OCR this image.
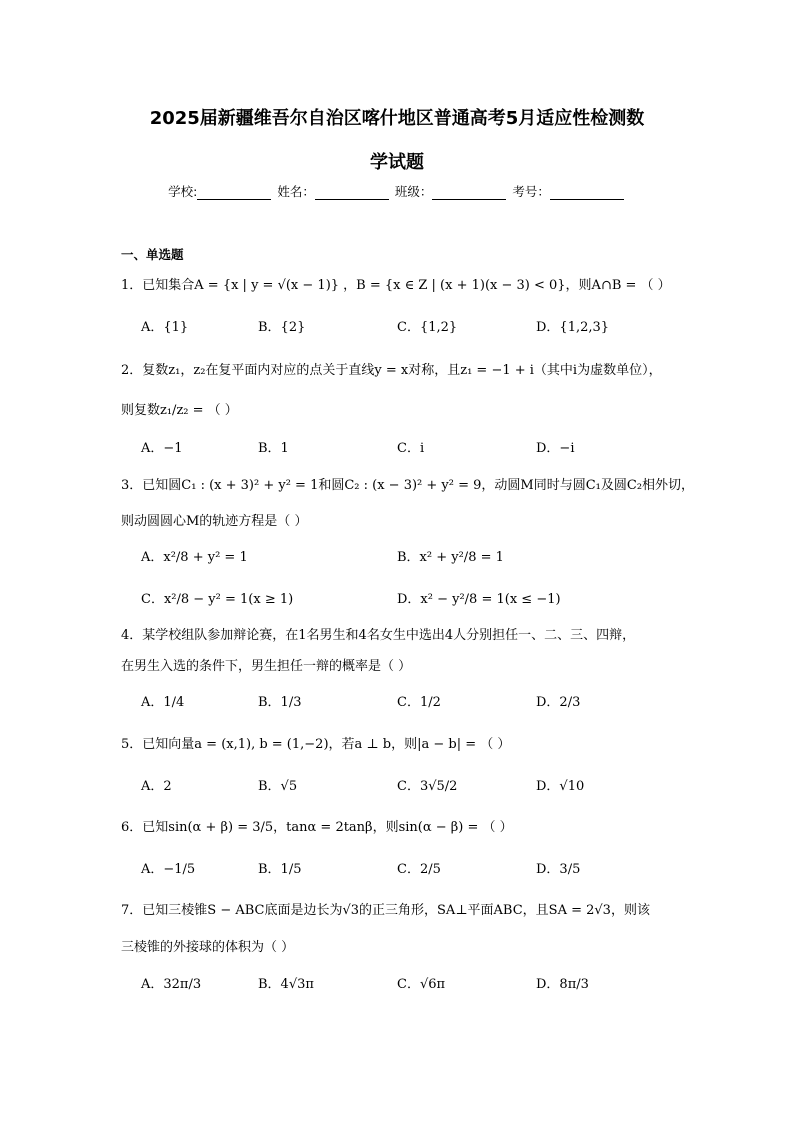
2025届新疆维吾尔自治区喀什地区普通高考5月适应性检测数
学试题
学校:	姓名：	班级：	考号：
一、单选题
1．已知集合A = {x | y = √(x − 1)} ，B = {x ∈ Z | (x + 1)(x − 3) < 0}，则A∩B = （ ）
A．{1}	B．{2}	C．{1,2}	D．{1,2,3}
2．复数z₁，z₂在复平面内对应的点关于直线y = x对称，且z₁ = −1 + i（其中i为虚数单位），
则复数z₁/z₂ = （ ）
A．−1	B．1	C．i	D．−i
3．已知圆C₁ : (x + 3)² + y² = 1和圆C₂ : (x − 3)² + y² = 9，动圆M同时与圆C₁及圆C₂相外切，
则动圆圆心M的轨迹方程是（ ）
A．x²/8 + y² = 1	B．x² + y²/8 = 1
C．x²/8 − y² = 1(x ≥ 1)	D．x² − y²/8 = 1(x ≤ −1)
4．某学校组队参加辩论赛，在1名男生和4名女生中选出4人分别担任一、二、三、四辩，
在男生入选的条件下，男生担任一辩的概率是（ ）
A．1/4	B．1/3	C．1/2	D．2/3
5．已知向量a = (x,1), b = (1,−2)，若a ⊥ b，则|a − b| = （ ）
A．2	B．√5	C．3√5/2	D．√10
6．已知sin(α + β) = 3/5，tanα = 2tanβ，则sin(α − β) = （ ）
A．−1/5	B．1/5	C．2/5	D．3/5
7．已知三棱锥S − ABC底面是边长为√3的正三角形，SA⊥平面ABC，且SA = 2√3，则该
三棱锥的外接球的体积为（ ）
A．32π/3	B．4√3π	C．√6π	D．8π/3
